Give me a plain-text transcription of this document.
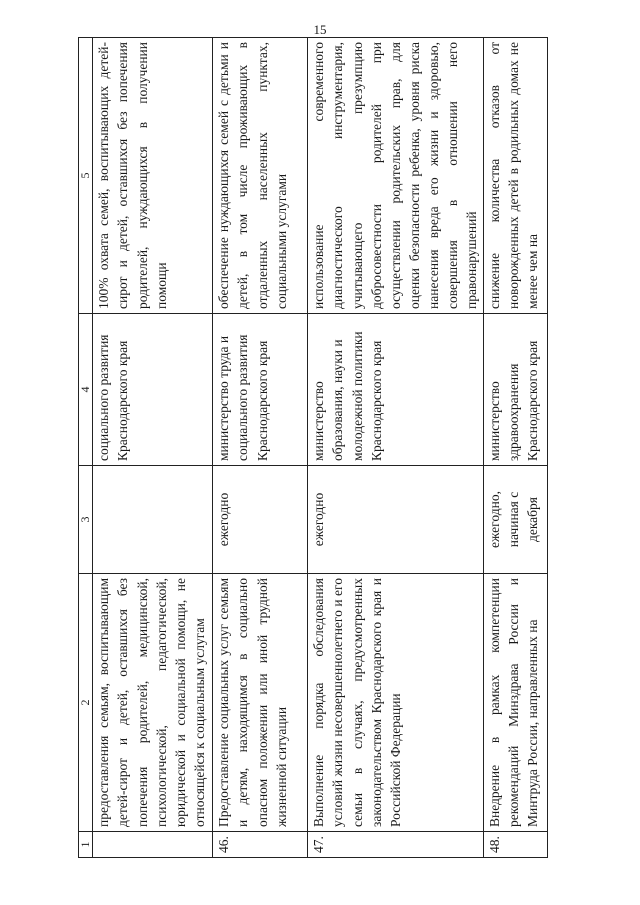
15
1	2	3	4	5
	предоставления семьям, воспитывающим детей-сирот и детей, оставшихся без попечения родителей, медицинской, психологической, педагогической, юридической и социальной помощи, не относящейся к социальным услугам		социального развития Краснодарского края	100% охвата семей, воспитывающих детей-сирот и детей, оставшихся без попечения родителей, нуждающихся в получении помощи
46.	Предоставление социальных услуг семьям и детям, находящимся в социально опасном положении или иной трудной жизненной ситуации	ежегодно	министерство труда и социального развития Краснодарского края	обеспечение нуждающихся семей с детьми и детей, в том числе проживающих в отдаленных населенных пунктах, социальными услугами
47.	Выполнение порядка обследования условий жизни несовершеннолетнего и его семьи в случаях, предусмотренных законодательством Краснодарского края и Российской Федерации	ежегодно	министерство образования, науки и молодежной политики Краснодарского края	использование современного диагностического инструментария, учитывающего презумпцию добросовестности родителей при осуществлении родительских прав, для оценки безопасности ребенка, уровня риска нанесения вреда его жизни и здоровью, совершения в отношении него правонарушений
48.	Внедрение в рамках компетенции рекомендаций Минздрава России и Минтруда России, направленных на	ежегодно, начиная с декабря	министерство здравоохранения Краснодарского края	снижение количества отказов от новорожденных детей в родильных домах не менее чем на
